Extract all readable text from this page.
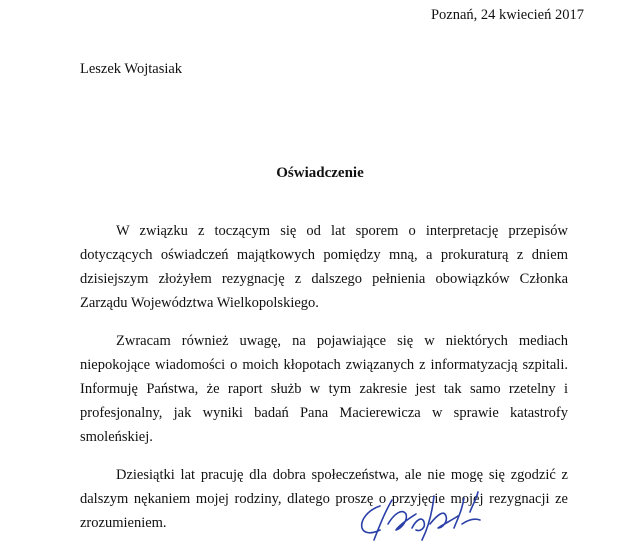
Poznań, 24 kwiecień 2017
Leszek Wojtasiak
Oświadczenie

W związku z toczącym się od lat sporem o interpretację przepisów dotyczących oświadczeń majątkowych pomiędzy mną, a prokuraturą z dniem dzisiejszym złożyłem rezygnację z dalszego pełnienia obowiązków Członka Zarządu Województwa Wielkopolskiego.

Zwracam również uwagę, na pojawiające się w niektórych mediach niepokojące wiadomości o moich kłopotach związanych z informatyzacją szpitali. Informuję Państwa, że raport służb w tym zakresie jest tak samo rzetelny i profesjonalny, jak wyniki badań Pana Macierewicza w sprawie katastrofy smoleńskiej.

Dziesiątki lat pracuję dla dobra społeczeństwa, ale nie mogę się zgodzić z dalszym nękaniem mojej rodziny, dlatego proszę o przyjęcie mojej rezygnacji ze zrozumieniem.
